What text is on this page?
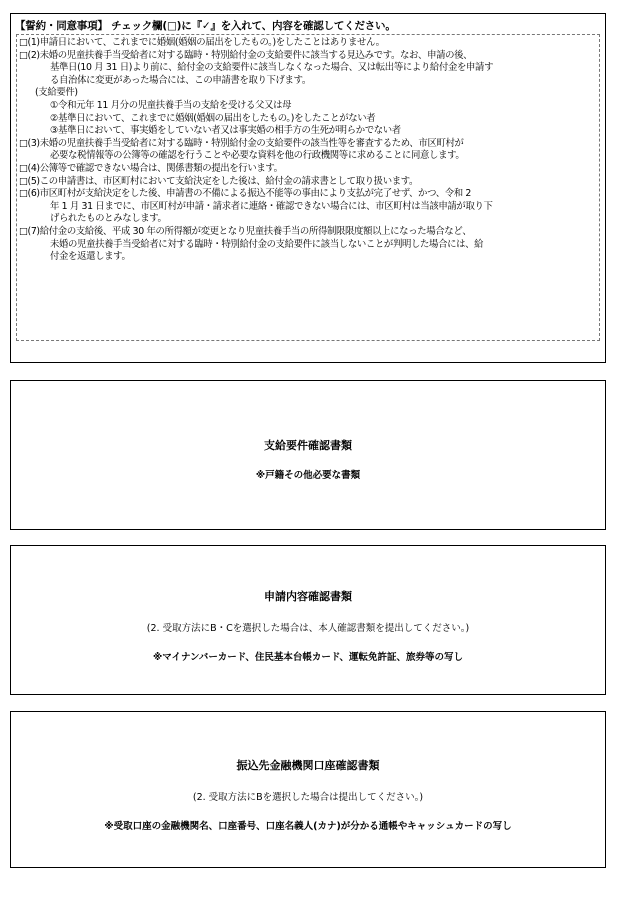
【誓約・同意事項】 チェック欄(□)に『✓』を入れて、内容を確認してください。
□(1)申請日において、これまでに婚姻(婚姻の届出をしたもの。)をしたことはありません。
□(2)未婚の児童扶養手当受給者に対する臨時・特別給付金の支給要件に該当する見込みです。なお、申請の後、
基準日(10 月 31 日)より前に、給付金の支給要件に該当しなくなった場合、又は転出等により給付金を申請す
る自治体に変更があった場合には、この申請書を取り下げます。
(支給要件)
①令和元年 11 月分の児童扶養手当の支給を受ける父又は母
②基準日において、これまでに婚姻(婚姻の届出をしたもの。)をしたことがない者
③基準日において、事実婚をしていない者又は事実婚の相手方の生死が明らかでない者
□(3)未婚の児童扶養手当受給者に対する臨時・特別給付金の支給要件の該当性等を審査するため、市区町村が
必要な税情報等の公簿等の確認を行うことや必要な資料を他の行政機関等に求めることに同意します。
□(4)公簿等で確認できない場合は、関係書類の提出を行います。
□(5)この申請書は、市区町村において支給決定をした後は、給付金の請求書として取り扱います。
□(6)市区町村が支給決定をした後、申請書の不備による振込不能等の事由により支払が完了せず、かつ、令和 2
年 1 月 31 日までに、市区町村が申請・請求者に連絡・確認できない場合には、市区町村は当該申請が取り下
げられたものとみなします。
□(7)給付金の支給後、平成 30 年の所得額が変更となり児童扶養手当の所得制限限度額以上になった場合など、
未婚の児童扶養手当受給者に対する臨時・特別給付金の支給要件に該当しないことが判明した場合には、給
付金を返還します。
支給要件確認書類
※戸籍その他必要な書類
申請内容確認書類
(2. 受取方法にB・Cを選択した場合は、本人確認書類を提出してください。)
※マイナンバーカード、住民基本台帳カード、運転免許証、旅券等の写し
振込先金融機関口座確認書類
(2. 受取方法にBを選択した場合は提出してください。)
※受取口座の金融機関名、口座番号、口座名義人(カナ)が分かる通帳やキャッシュカードの写し
